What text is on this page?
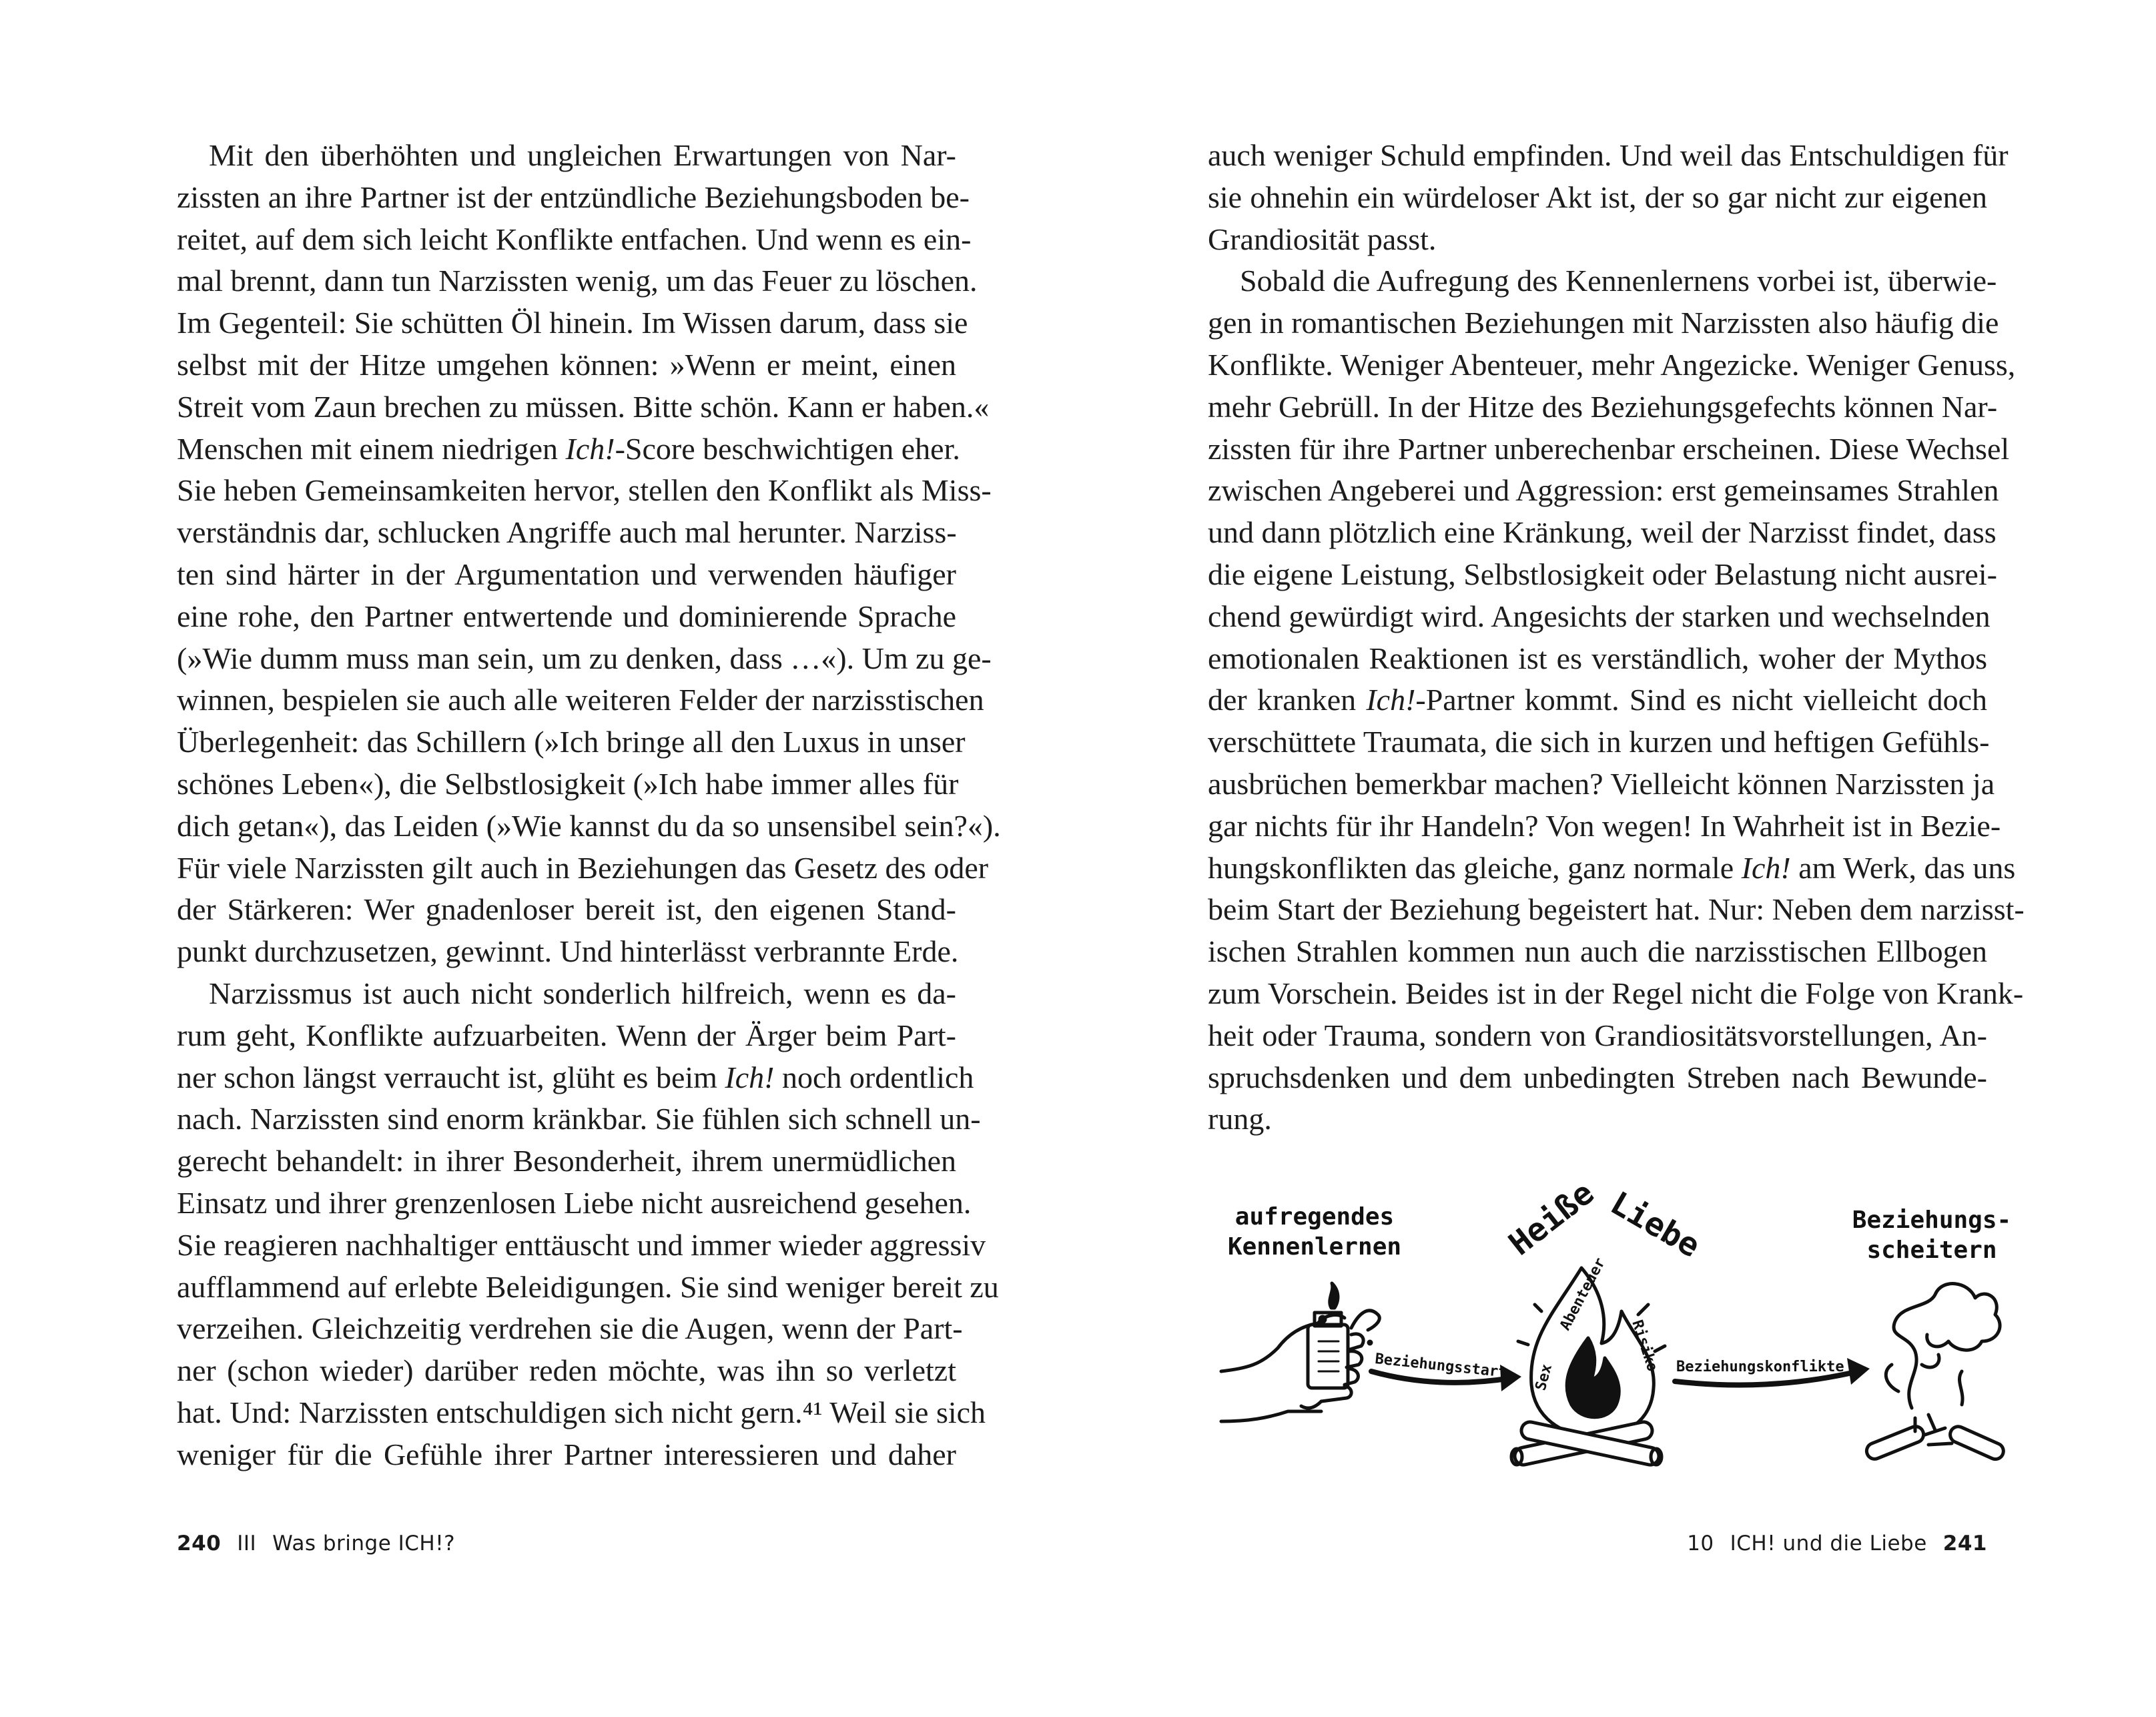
Mit den überhöhten und ungleichen Erwartungen von Nar-
zissten an ihre Partner ist der entzündliche Beziehungsboden be-
reitet, auf dem sich leicht Konflikte entfachen. Und wenn es ein-
mal brennt, dann tun Narzissten wenig, um das Feuer zu löschen.
Im Gegenteil: Sie schütten Öl hinein. Im Wissen darum, dass sie
selbst mit der Hitze umgehen können: »Wenn er meint, einen
Streit vom Zaun brechen zu müssen. Bitte schön. Kann er haben.«
Menschen mit einem niedrigen Ich!-Score beschwichtigen eher.
Sie heben Gemeinsamkeiten hervor, stellen den Konflikt als Miss-
verständnis dar, schlucken Angriffe auch mal herunter. Narziss-
ten sind härter in der Argumentation und verwenden häufiger
eine rohe, den Partner entwertende und dominierende Sprache
(»Wie dumm muss man sein, um zu denken, dass …«). Um zu ge-
winnen, bespielen sie auch alle weiteren Felder der narzisstischen
Überlegenheit: das Schillern (»Ich bringe all den Luxus in unser
schönes Leben«), die Selbstlosigkeit (»Ich habe immer alles für
dich getan«), das Leiden (»Wie kannst du da so unsensibel sein?«).
Für viele Narzissten gilt auch in Beziehungen das Gesetz des oder
der Stärkeren: Wer gnadenloser bereit ist, den eigenen Stand-
punkt durchzusetzen, gewinnt. Und hinterlässt verbrannte Erde.
Narzissmus ist auch nicht sonderlich hilfreich, wenn es da-
rum geht, Konflikte aufzuarbeiten. Wenn der Ärger beim Part-
ner schon längst verraucht ist, glüht es beim Ich! noch ordentlich
nach. Narzissten sind enorm kränkbar. Sie fühlen sich schnell un-
gerecht behandelt: in ihrer Besonderheit, ihrem unermüdlichen
Einsatz und ihrer grenzenlosen Liebe nicht ausreichend gesehen.
Sie reagieren nachhaltiger enttäuscht und immer wieder aggressiv
aufflammend auf erlebte Beleidigungen. Sie sind weniger bereit zu
verzeihen. Gleichzeitig verdrehen sie die Augen, wenn der Part-
ner (schon wieder) darüber reden möchte, was ihn so verletzt
hat. Und: Narzissten entschuldigen sich nicht gern.⁴¹ Weil sie sich
weniger für die Gefühle ihrer Partner interessieren und daher
240 III Was bringe ICH!?
auch weniger Schuld empfinden. Und weil das Entschuldigen für
sie ohnehin ein würdeloser Akt ist, der so gar nicht zur eigenen
Grandiosität passt.
Sobald die Aufregung des Kennenlernens vorbei ist, überwie-
gen in romantischen Beziehungen mit Narzissten also häufig die
Konflikte. Weniger Abenteuer, mehr Angezicke. Weniger Genuss,
mehr Gebrüll. In der Hitze des Beziehungsgefechts können Nar-
zissten für ihre Partner unberechenbar erscheinen. Diese Wechsel
zwischen Angeberei und Aggression: erst gemeinsames Strahlen
und dann plötzlich eine Kränkung, weil der Narzisst findet, dass
die eigene Leistung, Selbstlosigkeit oder Belastung nicht ausrei-
chend gewürdigt wird. Angesichts der starken und wechselnden
emotionalen Reaktionen ist es verständlich, woher der Mythos
der kranken Ich!-Partner kommt. Sind es nicht vielleicht doch
verschüttete Traumata, die sich in kurzen und heftigen Gefühls-
ausbrüchen bemerkbar machen? Vielleicht können Narzissten ja
gar nichts für ihr Handeln? Von wegen! In Wahrheit ist in Bezie-
hungskonflikten das gleiche, ganz normale Ich! am Werk, das uns
beim Start der Beziehung begeistert hat. Nur: Neben dem narzisst-
ischen Strahlen kommen nun auch die narzisstischen Ellbogen
zum Vorschein. Beides ist in der Regel nicht die Folge von Krank-
heit oder Trauma, sondern von Grandiositätsvorstellungen, An-
spruchsdenken und dem unbedingten Streben nach Bewunde-
rung.
aufregendes
Kennenlernen
Beziehungsstart
Heiße Liebe
Sex
Abenteuer
Risiko Beziehungskonflikte
Beziehungs-
scheitern
10 ICH! und die Liebe 241
